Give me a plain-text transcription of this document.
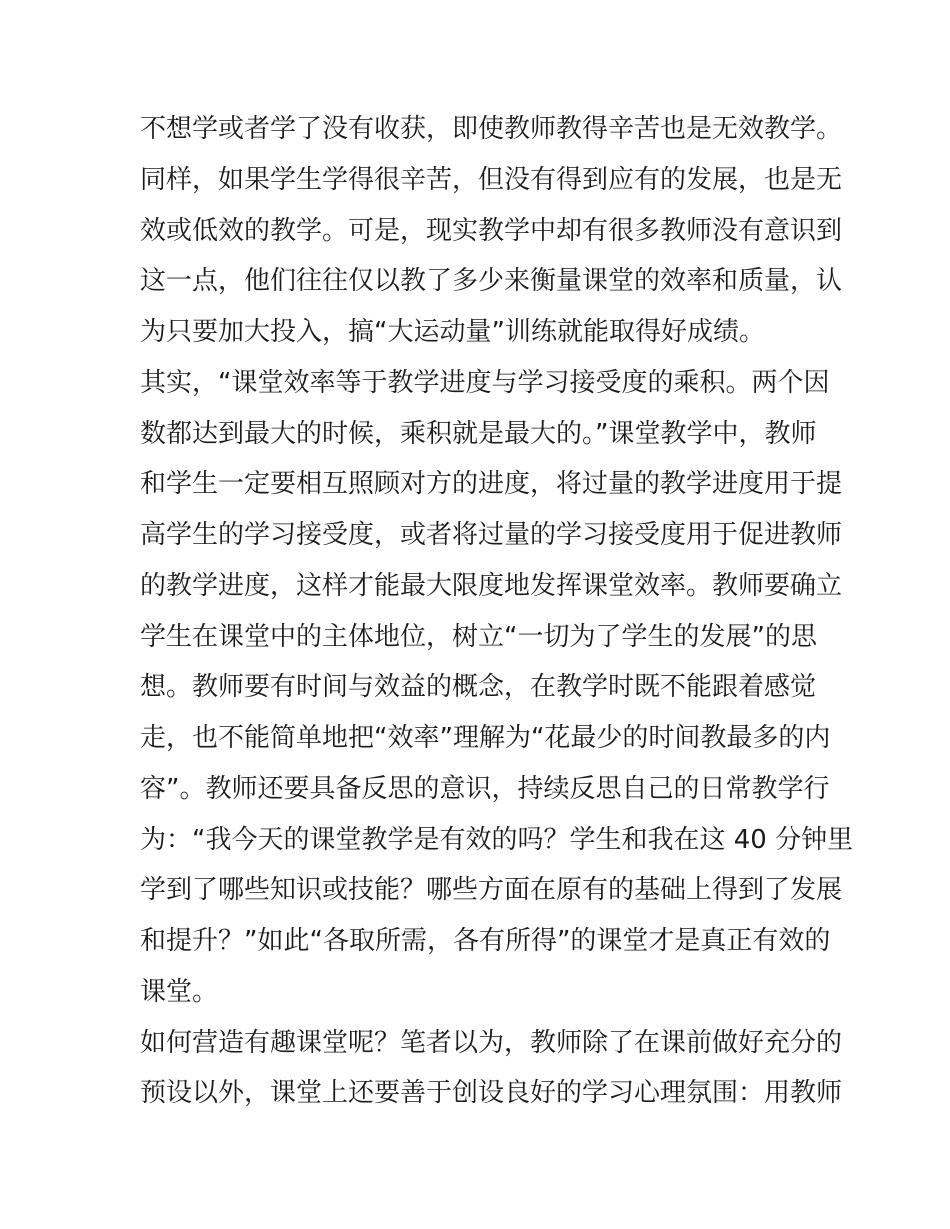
不想学或者学了没有收获，即使教师教得辛苦也是无效教学。
同样，如果学生学得很辛苦，但没有得到应有的发展，也是无
效或低效的教学。可是，现实教学中却有很多教师没有意识到
这一点，他们往往仅以教了多少来衡量课堂的效率和质量，认
为只要加大投入，搞“大运动量”训练就能取得好成绩。
其实，“课堂效率等于教学进度与学习接受度的乘积。两个因
数都达到最大的时候，乘积就是最大的。”课堂教学中，教师
和学生一定要相互照顾对方的进度，将过量的教学进度用于提
高学生的学习接受度，或者将过量的学习接受度用于促进教师
的教学进度，这样才能最大限度地发挥课堂效率。教师要确立
学生在课堂中的主体地位，树立“一切为了学生的发展”的思
想。教师要有时间与效益的概念，在教学时既不能跟着感觉
走，也不能简单地把“效率”理解为“花最少的时间教最多的内
容”。教师还要具备反思的意识，持续反思自己的日常教学行
为：“我今天的课堂教学是有效的吗？学生和我在这 40 分钟里
学到了哪些知识或技能？哪些方面在原有的基础上得到了发展
和提升？”如此“各取所需，各有所得”的课堂才是真正有效的
课堂。
如何营造有趣课堂呢？笔者以为，教师除了在课前做好充分的
预设以外，课堂上还要善于创设良好的学习心理氛围：用教师
